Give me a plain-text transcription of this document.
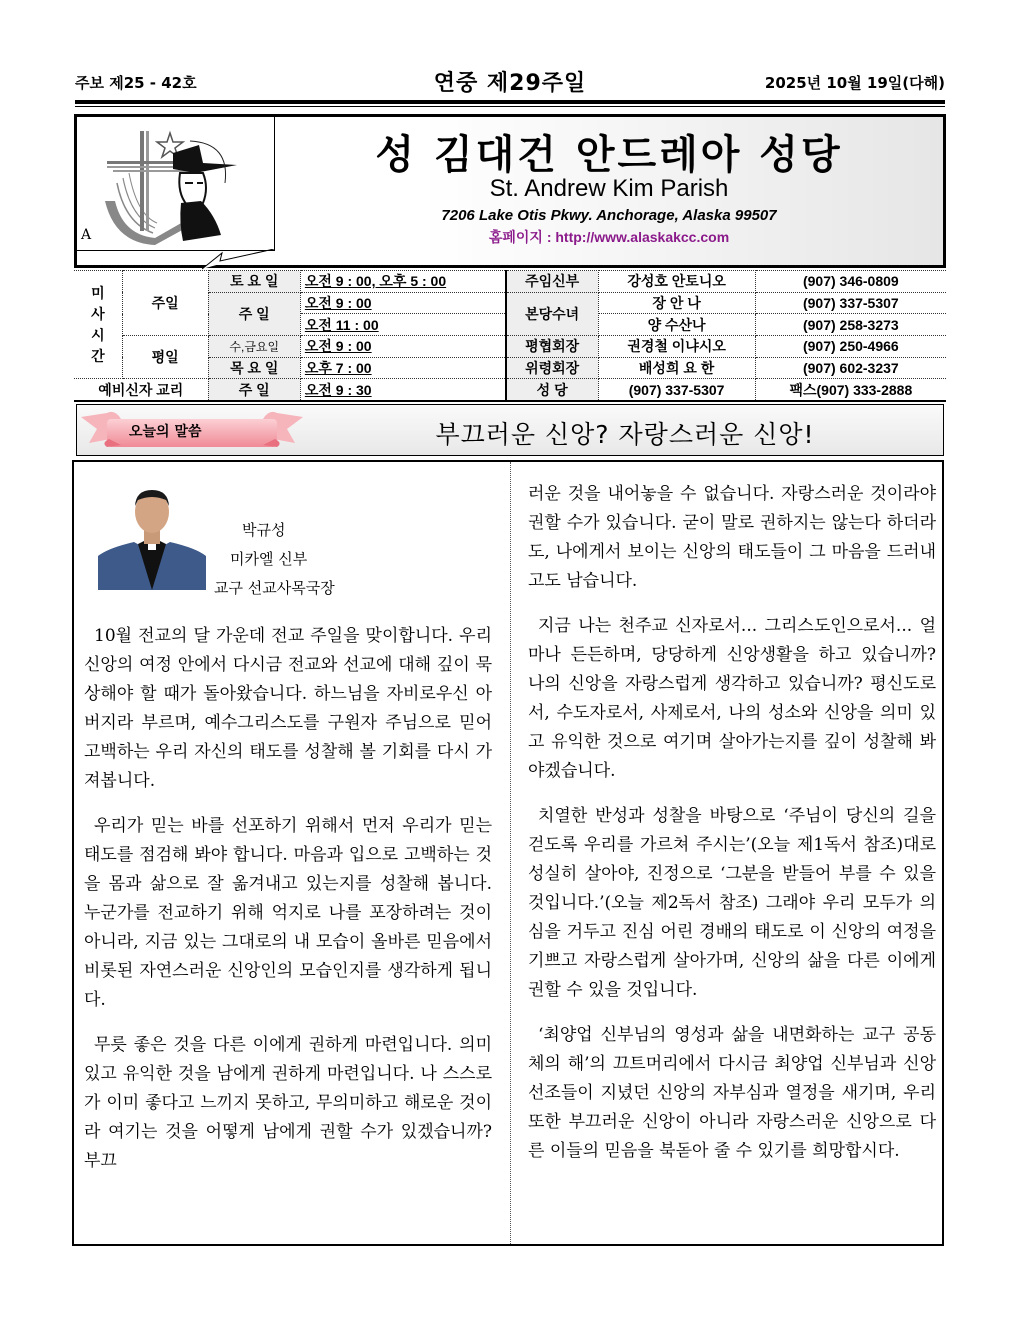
주보 제25 - 42호	연중 제29주일	2025년 10월 19일(다해)
A
성 김대건 안드레아 성당
St. Andrew Kim Parish
7206 Lake Otis Pkwy. Anchorage, Alaska 99507
홈페이지 : http://www.alaskakcc.com
미
사
시
간	주일	토 요 일	오전 9 : 00, 오후 5 : 00	주임신부	강성호 안토니오	(907) 346-0809
		주 일	오전 9 : 00	본당수녀	장 안 나	(907) 337-5307
			오전 11 : 00		양 수산나	(907) 258-3273
	평일	수,금요일	오전 9 : 00	평협회장	권경철 이냐시오	(907) 250-4966
		목 요 일	오후 7 : 00	위령회장	배성희 요 한	(907) 602-3237
예비신자 교리		주 일	오전 9 : 30	성 당	(907) 337-5307	팩스(907) 333-2888
오늘의 말씀	부끄러운 신앙? 자랑스러운 신앙!
박규성
미카엘 신부
교구 선교사목국장

10월 전교의 달 가운데 전교 주일을 맞이합니다. 우리 신앙의 여정 안에서 다시금 전교와 선교에 대해 깊이 묵상해야 할 때가 돌아왔습니다. 하느님을 자비로우신 아버지라 부르며, 예수그리스도를 구원자 주님으로 믿어 고백하는 우리 자신의 태도를 성찰해 볼 기회를 다시 가져봅니다.

우리가 믿는 바를 선포하기 위해서 먼저 우리가 믿는 태도를 점검해 봐야 합니다. 마음과 입으로 고백하는 것을 몸과 삶으로 잘 옮겨내고 있는지를 성찰해 봅니다. 누군가를 전교하기 위해 억지로 나를 포장하려는 것이 아니라, 지금 있는 그대로의 내 모습이 올바른 믿음에서 비롯된 자연스러운 신앙인의 모습인지를 생각하게 됩니다.

무릇 좋은 것을 다른 이에게 권하게 마련입니다. 의미 있고 유익한 것을 남에게 권하게 마련입니다. 나 스스로가 이미 좋다고 느끼지 못하고, 무의미하고 해로운 것이라 여기는 것을 어떻게 남에게 권할 수가 있겠습니까? 부끄

러운 것을 내어놓을 수 없습니다. 자랑스러운 것이라야 권할 수가 있습니다. 굳이 말로 권하지는 않는다 하더라도, 나에게서 보이는 신앙의 태도들이 그 마음을 드러내고도 남습니다.

지금 나는 천주교 신자로서... 그리스도인으로서... 얼마나 든든하며, 당당하게 신앙생활을 하고 있습니까? 나의 신앙을 자랑스럽게 생각하고 있습니까? 평신도로서, 수도자로서, 사제로서, 나의 성소와 신앙을 의미 있고 유익한 것으로 여기며 살아가는지를 깊이 성찰해 봐야겠습니다.

치열한 반성과 성찰을 바탕으로 ‘주님이 당신의 길을 걷도록 우리를 가르쳐 주시는’(오늘 제1독서 참조)대로 성실히 살아야, 진정으로 ‘그분을 받들어 부를 수 있을 것입니다.’(오늘 제2독서 참조) 그래야 우리 모두가 의심을 거두고 진심 어린 경배의 태도로 이 신앙의 여정을 기쁘고 자랑스럽게 살아가며, 신앙의 삶을 다른 이에게 권할 수 있을 것입니다.

‘최양업 신부님의 영성과 삶을 내면화하는 교구 공동체의 해’의 끄트머리에서 다시금 최양업 신부님과 신앙 선조들이 지녔던 신앙의 자부심과 열정을 새기며, 우리 또한 부끄러운 신앙이 아니라 자랑스러운 신앙으로 다른 이들의 믿음을 북돋아 줄 수 있기를 희망합시다.
